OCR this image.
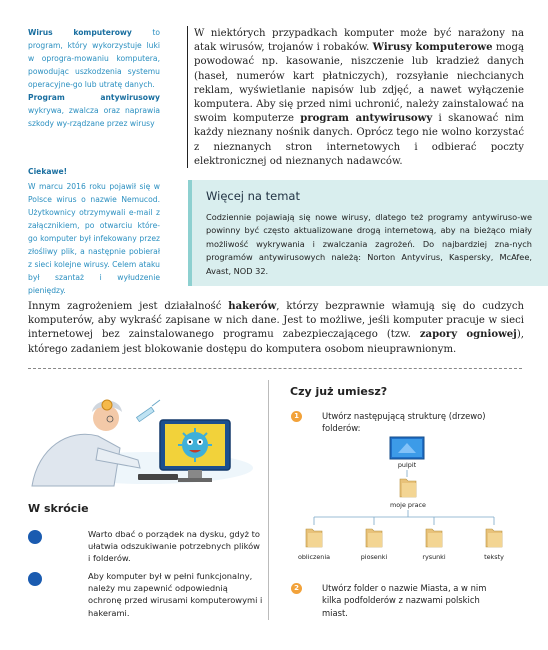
Wirus komputerowy to program, który wykorzystuje luki w oprogra-mowaniu komputera, powodując uszkodzenia systemu operacyjne-go lub utratę danych.
Program antywirusowy wykrywa, zwalcza oraz naprawia szkody wy-rządzane przez wirusy
Ciekawe!
W marcu 2016 roku pojawił się w Polsce wirus o nazwie Nemucod. Użytkownicy otrzymywali e-mail z załącznikiem, po otwarciu które-go komputer był infekowany przez złośliwy plik, a następnie pobierał z sieci kolejne wirusy. Celem ataku był szantaż i wyłudzenie pieniędzy.
W niektórych przypadkach komputer może być narażony na atak wirusów, trojanów i robaków. Wirusy komputerowe mogą powodować np. kasowanie, niszczenie lub kradzież danych (haseł, numerów kart płatniczych), rozsyłanie niechcianych reklam, wyświetlanie napisów lub zdjęć, a nawet wyłączenie komputera. Aby się przed nimi uchronić, należy zainstalować na swoim komputerze program antywirusowy i skanować nim każdy nieznany nośnik danych. Oprócz tego nie wolno korzystać z nieznanych stron internetowych i odbierać poczty elektronicznej od nieznanych nadawców.
Więcej na temat
Codziennie pojawiają się nowe wirusy, dlatego też programy antywiruso-we powinny być często aktualizowane drogą internetową, aby na bieżąco miały możliwość wykrywania i zwalczania zagrożeń. Do najbardziej zna-nych programów antywirusowych należą: Norton Antyvirus, Kaspersky, McAfee, Avast, NOD 32.
Innym zagrożeniem jest działalność hakerów, którzy bezprawnie włamują się do cudzych komputerów, aby wykraść zapisane w nich dane. Jest to możliwe, jeśli komputer pracuje w sieci internetowej bez zainstalowanego programu zabezpieczającego (tzw. zapory ogniowej), którego zadaniem jest blokowanie dostępu do komputera osobom nieuprawnionym.
W skrócie
Warto dbać o porządek na dysku, gdyż to ułatwia odszukiwanie potrzebnych plików i folderów.
Aby komputer był w pełni funkcjonalny, należy mu zapewnić odpowiednią ochronę przed wirusami komputerowymi i hakerami.
Czy już umiesz?
1	Utwórz następującą strukturę (drzewo) folderów:
pulpit
moje prace
obliczenia	piosenki	rysunki	teksty
2	Utwórz folder o nazwie Miasta, a w nim kilka podfolderów z nazwami polskich miast.
